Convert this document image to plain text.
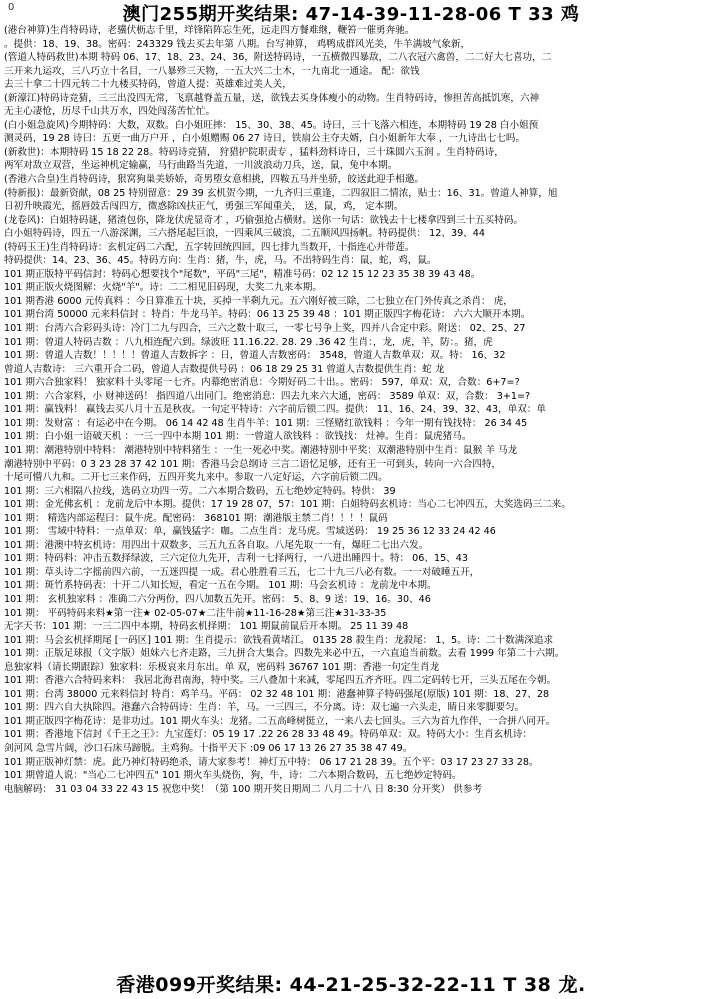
0	澳门255期开奖结果: 47-14-39-11-28-06 T 33 鸡
(港台神算)生肖特码诗，老骥伏枥志千里，垟锋陷阵忘生死，远走四方餐难继，鞭笞一催勇奔驰。
。提供：18、19、38。密码：243329 钱去买去年第 八期。台写神算， 鸡鸭成群风光美，牛羊满坡气象新，
(管道人特码救世)本期 特码 06、17、18、23、24、36，附送特码诗，一五横微四暴敌，二八衣冠六禽兽，二二好大七喜功，二
三开来九运攻，三八巧立十名目，一八暴殄三天物，一五大兴二土木，一九南北一通途。 配：欲钱
去三十拿二十四元转二十九楼买特码，曾道人提：英雄难过美人关，
(新濠江)特码诗竞猜，三三出没四无常，飞禀越脊盖五量，送，欲钱去买身体瘦小的动物。生肖特码诗，惨担苦高抵饥寒，六神
无主心凄怆，历尽千山共万水，四处闯荡苦忙忙。
(白小姐急旋风)今期特码：大数，双数。白小姐旺摔： 15、30、38、45。诗曰，三十飞落六相连，本期特码 19 28 白小姐预
测灵码，19 28 诗曰：五更一曲万户开 ，白小姐赠赐 06 27 诗日，铁扇公主夺夫婿，白小姐新年大奉 ，一九诗出七七吗。
(新救世)：本期特码 15 18 22 28。特码诗竞猜， 狩猎护院职责专 ，猛料劲料诗日，三十珠圆六玉润 。生肖特码诗，
两军对敌立双营，坐运神机定输赢，马行曲路当先道，一川波浪动刀兵，送，鼠，兔中本期。
(香港六合皇)生肖特码诗，狠窝狗巢美娇娇，奇男堕女意相挑，四鞍五马并坐骄，皎送此迎手相邀。
(特新报)：最新资献，08 25 特别留意：29 39 玄机贺今期，一九齐归三重逢，二四叙旧二情浓，贴士：16、31。曾道人神算，旭
日初升映霞光，摇唇鼓舌闯四方，微惑除凶扶正气，勇强三军闻重关， 送，鼠，鸡， 定本期。
(龙卷风)：白姐特码谜，猪渣包你，降龙伏虎显奇才 ，巧偷强抢占横财。送你一句话：欲钱去十七楼拿四到三十五买特码。
白小姐特码诗，四五一八游深渊，三六搭尾起巨浪，一四乘风三破浪，二五顺风四扬帆。特码提供： 12、39、44
(特码玉王)生肖特码诗：玄机定码二六配，五字转回统四回，四七排九当数开，十指连心并带莲。
特码提供：14、23、36、45。特码方向：生肖：猪，牛，虎，马。不出特码生肖：鼠，蛇，鸡，鼠。
101 期正版特平码信封：特码心想要找个"尾数"，平码"三尾"，精准号码：02 12 15 12 23 35 38 39 43 48。
101 期正版火烧图解：火烧"羊"。诗：二二相见旧码现，大奖二九来本期。
101 期香港 6000 元传真料 ：今日算准五十块，买掉一半剩九元。五六刚好被三除，二七独立在门外传真之杀肖： 虎，
101 期台湾 50000 元来料信封 ：特肖：牛龙马羊。特码：06 13 25 39 48 ：101 期正版四字梅花诗： 六六大顺开本期。
101 期：台湾六合彩码头诗：冷门二九与四合，三六之数十取三，一零七号争上奖，四并八合定中彩。附送： 02、25、27
101 期：曾道人特码吉数 ：八九相连配六到。绿波旺 11.16.22. 28. 29 .36 42 生肖：，龙，虎，羊，防：。猪，虎
101 期：曾道人吉数！！！！！曾道人吉数拆字 ：日，曾道人吉数密码： 3548，曾道人吉数单双：双。特： 16、32
曾道人吉数诗： 三六重开合二码，曾道人吉数提供号码 ：06 18 29 25 31 曾道人吉数提供生肖：蛇 龙
101 期六合独家料！ 独家料十头零尾一七齐。内幕绝密消息：今期好码二十出。。密码： 597，单双：双，合数：6+7=?
101 期：六合家料，小 财神送码！ 指四道八出同门。绝密消息：四去九来六大通，密码： 3589 单双：双，合数： 3+1=?
101 期：赢钱料！ 赢钱去买八月十五是秋夜。一句定平特诗：六字前后锁二四。提供： 11、16、24、39、32、43，单双：单
101 期：发财富 ：有运必中在今期。 06 14 42 48 生肖牛羊：101 期：三怪赌红欲钱料 ：今年一期有钱找特： 26 34 45
101 期：白小姐一语破天机 ：一三一四中本期 101 期：一曾道人欲钱料 ：欲钱找： 灶神。生肖：鼠虎猪马。
101 期：潮港特别中特料： 潮港特别中特料猪生 ：一生一死必中奖。潮港特别中平奖：双潮港特别中生肖：鼠猴 羊 马龙
潮港特别中平码：0 3 23 28 37 42 101 期：香港马会总纲诗 三言二语忆足够，还有王一可到头，转向一六合四特，
十尾可懵八九和。二开七三来作码，五四开奖九来中。参取一八定好运，六字前后锁二四。
101 期：三六相隔八拉线，选码立功四一劳。二六本期合数码，五七绝妙定特码。特供： 39
101 期：金光佛玄机 ：龙前龙后中本期。提供：17 19 28 07，57：101 期：白姐特码玄机诗：当心二七冲四五，大奖选码三二来。
101 期： 精选内部运程曰：鼠牛虎。配密码： 368101 期：潮港版主禁二肖！！！！鼠码
101 期： 雪域中特料：一点单双：单，赢钱猛字：咖。二点生肖：龙马虎。雪域送码： 19 25 36 12 33 24 42 46
101 期：港澳中特玄机诗：用四出十双数多，三五九五各自取。八尾先取一一有，爆旺二七出六发。
101 期：特码料：冲击五数择绿波，三六定位九先开，吉利一七择两行，一八进出睡四十。特： 06、15、43
101 期：草头诗二字摇前四六前，一五迷四提 一成。君心胜胜看三五，七二十九三八必有数。一一对破睡五开，
101 期：斑竹系特码表：十开二八知长短，看定一五在今期。 101 期：马会玄机诗 ：龙前龙中本期。
101 期： 玄机独家料 ：准确二六分两份，四八加数五先开。密码： 5、8、9 送：19、16。30、46
101 期： 平码特码来料★第一注★ 02-05-07★二注牛前★11-16-28★第三注★31-33-35
无字天书：101 期：一三二四中本期，特码玄机择期： 101 期鼠前鼠后开本期。 25 11 39 48
101 期：马会玄机择期尾 [一码区] 101 期：生肖提示：欲钱看黄堵江。 0135 28 殺生肖：龙殺尾： 1、5。诗：二十数满深追求
101 期：正版足球报（文字版）姐妹六七齐走路，三九拼合大集合。四数先来必中五，一六直追当前数。去看 1999 年第二十六期。
息独家料（请长期跟踪）独家料：乐极哀来月东出。单 双，密码料 36767 101 期：香港一句定生肖龙
101 期：香港六合特码来料： 我居北海君南海，特中奖。三八叠加十来减，零尾四五齐齐旺。四二定码转七开，三头五尾在今朝。
101 期：台湾 38000 元来料信封 特肖：鸡羊马。平码： 02 32 48 101 期：港蠢神算子特码强尾(原版) 101 期：18、27、28
101 期：四六自大执除四。港蠢六合特码诗：生肖：羊，马。一三四三，不分离。诗：双七遍一六头走，睛日来零脚要匀。
101 期正版四字梅花诗：是非功过。101 期火车头：龙猪。二五高峰树挺立，一来八去七回头。三六为首九作伴，一合拼八同开。
101 期：香港地下信封《千王之王》：九宝莲灯：05 19 17 .22 26 28 33 48 49。特码单双：双。特码大小：生肖玄机诗：
剑河风 急雪片阔，沙口石床马蹄脱。主鸡狗。十指平天下 :09 06 17 13 26 27 35 38 47 49。
101 期正版神灯禁：虎。此乃神灯特码绝杀，请大家参考！ 神灯五中特： 06 17 21 28 39。五个平：03 17 23 27 33 28。
101 期曾道人说："当心二七冲四五" 101 期火车头烧伤，狗，牛，诗：二六本期合数码，五七绝妙定特码。
电脑解码： 31 03 04 33 22 43 15 祝您中奖！（第 100 期开奖日期周二 八月二十八 日 8:30 分开奖） 供参考
香港099开奖结果: 44-21-25-32-22-11 T 38 龙.
